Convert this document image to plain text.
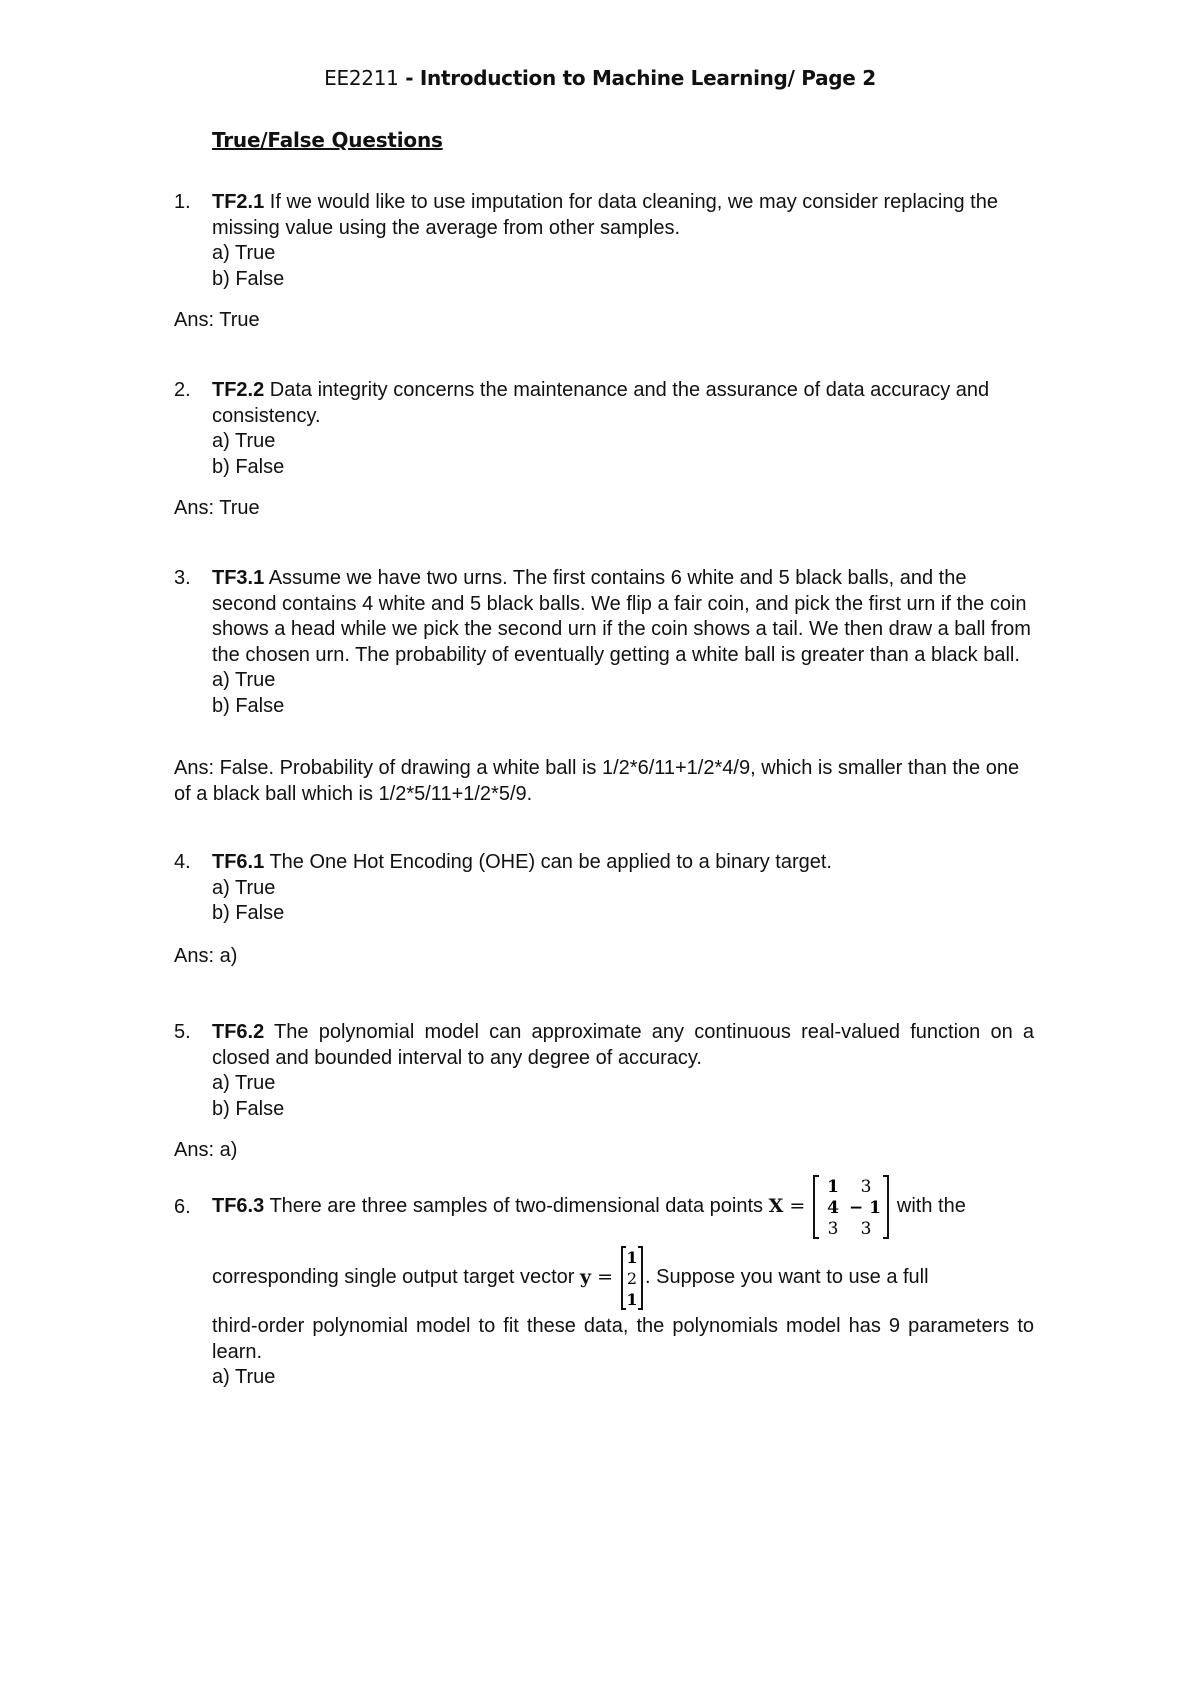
EE2211 - Introduction to Machine Learning/ Page 2
True/False Questions
1. TF2.1 If we would like to use imputation for data cleaning, we may consider replacing the missing value using the average from other samples.
a) True
b) False
Ans: True
2. TF2.2 Data integrity concerns the maintenance and the assurance of data accuracy and consistency.
a) True
b) False
Ans: True
3. TF3.1 Assume we have two urns. The first contains 6 white and 5 black balls, and the second contains 4 white and 5 black balls. We flip a fair coin, and pick the first urn if the coin shows a head while we pick the second urn if the coin shows a tail. We then draw a ball from the chosen urn. The probability of eventually getting a white ball is greater than a black ball.
a) True
b) False
Ans: False. Probability of drawing a white ball is 1/2*6/11+1/2*4/9, which is smaller than the one of a black ball which is 1/2*5/11+1/2*5/9.
4. TF6.1 The One Hot Encoding (OHE) can be applied to a binary target.
a) True
b) False
Ans: a)
5. TF6.2 The polynomial model can approximate any continuous real-valued function on a closed and bounded interval to any degree of accuracy.
a) True
b) False
Ans: a)
6. TF6.3 There are three samples of two-dimensional data points X =
1 3
4 − 1
3 3
with the
corresponding single output target vector y =
1
2
1
. Suppose you want to use a full
third-order polynomial model to fit these data, the polynomials model has 9 parameters to learn.
a) True
